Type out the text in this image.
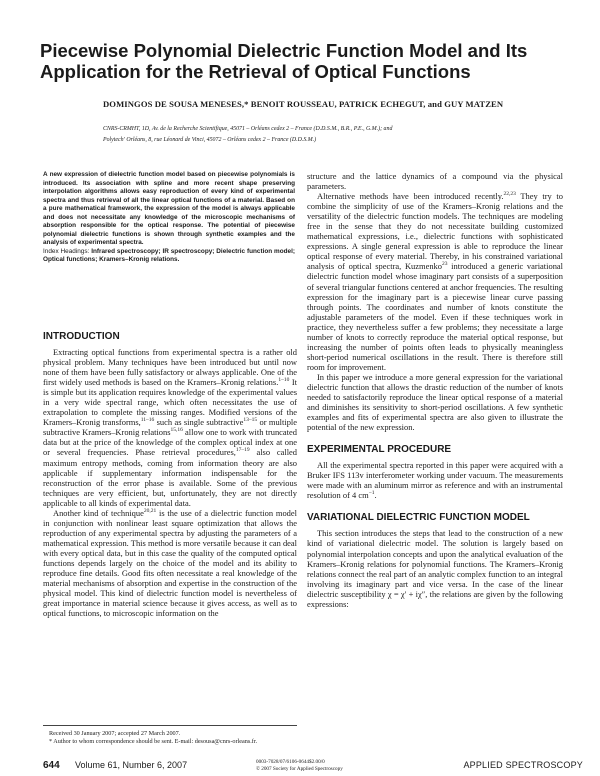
Piecewise Polynomial Dielectric Function Model and Its Application for the Retrieval of Optical Functions
DOMINGOS DE SOUSA MENESES,* BENOIT ROUSSEAU, PATRICK ECHEGUT, and GUY MATZEN
CNRS-CRMHT, 1D, Av. de la Recherche Scientifique, 45071 – Orléans cedex 2 – France (D.D.S.M., B.R., P.E., G.M.); and
Polytech' Orléans, 8, rue Léonard de Vinci, 45072 – Orléans cedex 2 – France (D.D.S.M.)

A new expression of dielectric function model based on piecewise polynomials is introduced. Its association with spline and more recent shape preserving interpolation algorithms allows easy reproduction of every kind of experimental spectra and thus retrieval of all the linear optical functions of a material. Based on a pure mathematical framework, the expression of the model is always applicable and does not necessitate any knowledge of the microscopic mechanisms of absorption responsible for the optical response. The potential of piecewise polynomial dielectric functions is shown through synthetic examples and the analysis of experimental spectra.

Index Headings: Infrared spectroscopy; IR spectroscopy; Dielectric function model; Optical functions; Kramers–Kronig relations.

INTRODUCTION

Extracting optical functions from experimental spectra is a rather old physical problem. Many techniques have been introduced but until now none of them have been fully satisfactory or always applicable. One of the first widely used methods is based on the Kramers–Kronig relations.$^{1-10}$ It is simple but its application requires knowledge of the experimental values in a very wide spectral range, which often necessitates the use of extrapolation to complete the missing ranges. Modified versions of the Kramers–Kronig transforms,$^{11-16}$ such as single subtractive$^{13-15}$ or multiple subtractive Kramers–Kronig relations$^{15,16}$ allow one to work with truncated data but at the price of the knowledge of the complex optical index at one or several frequencies. Phase retrieval procedures,$^{17-19}$ also called maximum entropy methods, coming from information theory are also applicable if supplementary information indispensable for the reconstruction of the error phase is available. Some of the previous techniques are very efficient, but, unfortunately, they are not directly applicable to all kinds of experimental data.

Another kind of technique$^{20,21}$ is the use of a dielectric function model in conjunction with nonlinear least square optimization that allows the reproduction of any experimental spectra by adjusting the parameters of a mathematical expression. This method is more versatile because it can deal with every optical data, but in this case the quality of the computed optical functions depends largely on the choice of the model and its ability to reproduce fine details. Good fits often necessitate a real knowledge of the material mechanisms of absorption and expertise in the construction of the physical model. This kind of dielectric function model is nevertheless of great importance in material science because it gives access, as well as to optical functions, to microscopic information on the

structure and the lattice dynamics of a compound via the physical parameters.

Alternative methods have been introduced recently.$^{22,23}$ They try to combine the simplicity of use of the Kramers–Kronig relations and the versatility of the dielectric function models. The techniques are modeling free in the sense that they do not necessitate building customized mathematical expressions, i.e., dielectric functions with sophisticated expressions. A single general expression is able to reproduce the linear optical response of every material. Thereby, in his constrained variational analysis of optical spectra, Kuzmenko$^{23}$ introduced a generic variational dielectric function model whose imaginary part consists of a superposition of several triangular functions centered at anchor frequencies. The resulting expression for the imaginary part is a piecewise linear curve passing through points. The coordinates and number of knots constitute the adjustable parameters of the model. Even if these techniques work in practice, they nevertheless suffer a few problems; they necessitate a large number of knots to correctly reproduce the material optical response, but increasing the number of points often leads to physically meaningless short-period numerical oscillations in the result. There is therefore still room for improvement.

In this paper we introduce a more general expression for the variational dielectric function that allows the drastic reduction of the number of knots needed to satisfactorily reproduce the linear optical response of a material and diminishes its sensitivity to short-period oscillations. A few synthetic examples and fits of experimental spectra are also given to illustrate the potential of the new expression.

EXPERIMENTAL PROCEDURE

All the experimental spectra reported in this paper were acquired with a Bruker IFS 113v interferometer working under vacuum. The measurements were made with an aluminum mirror as reference and with an instrumental resolution of 4 $cm^{-1}$.

VARIATIONAL DIELECTRIC FUNCTION MODEL

This section introduces the steps that lead to the construction of a new kind of variational dielectric model. The solution is largely based on polynomial interpolation concepts and upon the analytical evaluation of the Kramers–Kronig relations for polynomial functions. The Kramers–Kronig relations connect the real part of an analytic complex function to an integral involving its imaginary part and vice versa. In the case of the linear dielectric susceptibility χ = χ′ + iχ″, the relations are given by the following expressions:

Received 30 January 2007; accepted 27 March 2007.

* Author to whom correspondence should be sent. E-mail: desousa@cnrs-orleans.fr.

644 Volume 61, Number 6, 2007	0003-7028/07/6106-0644$2.00/0
© 2007 Society for Applied Spectroscopy	APPLIED SPECTROSCOPY
